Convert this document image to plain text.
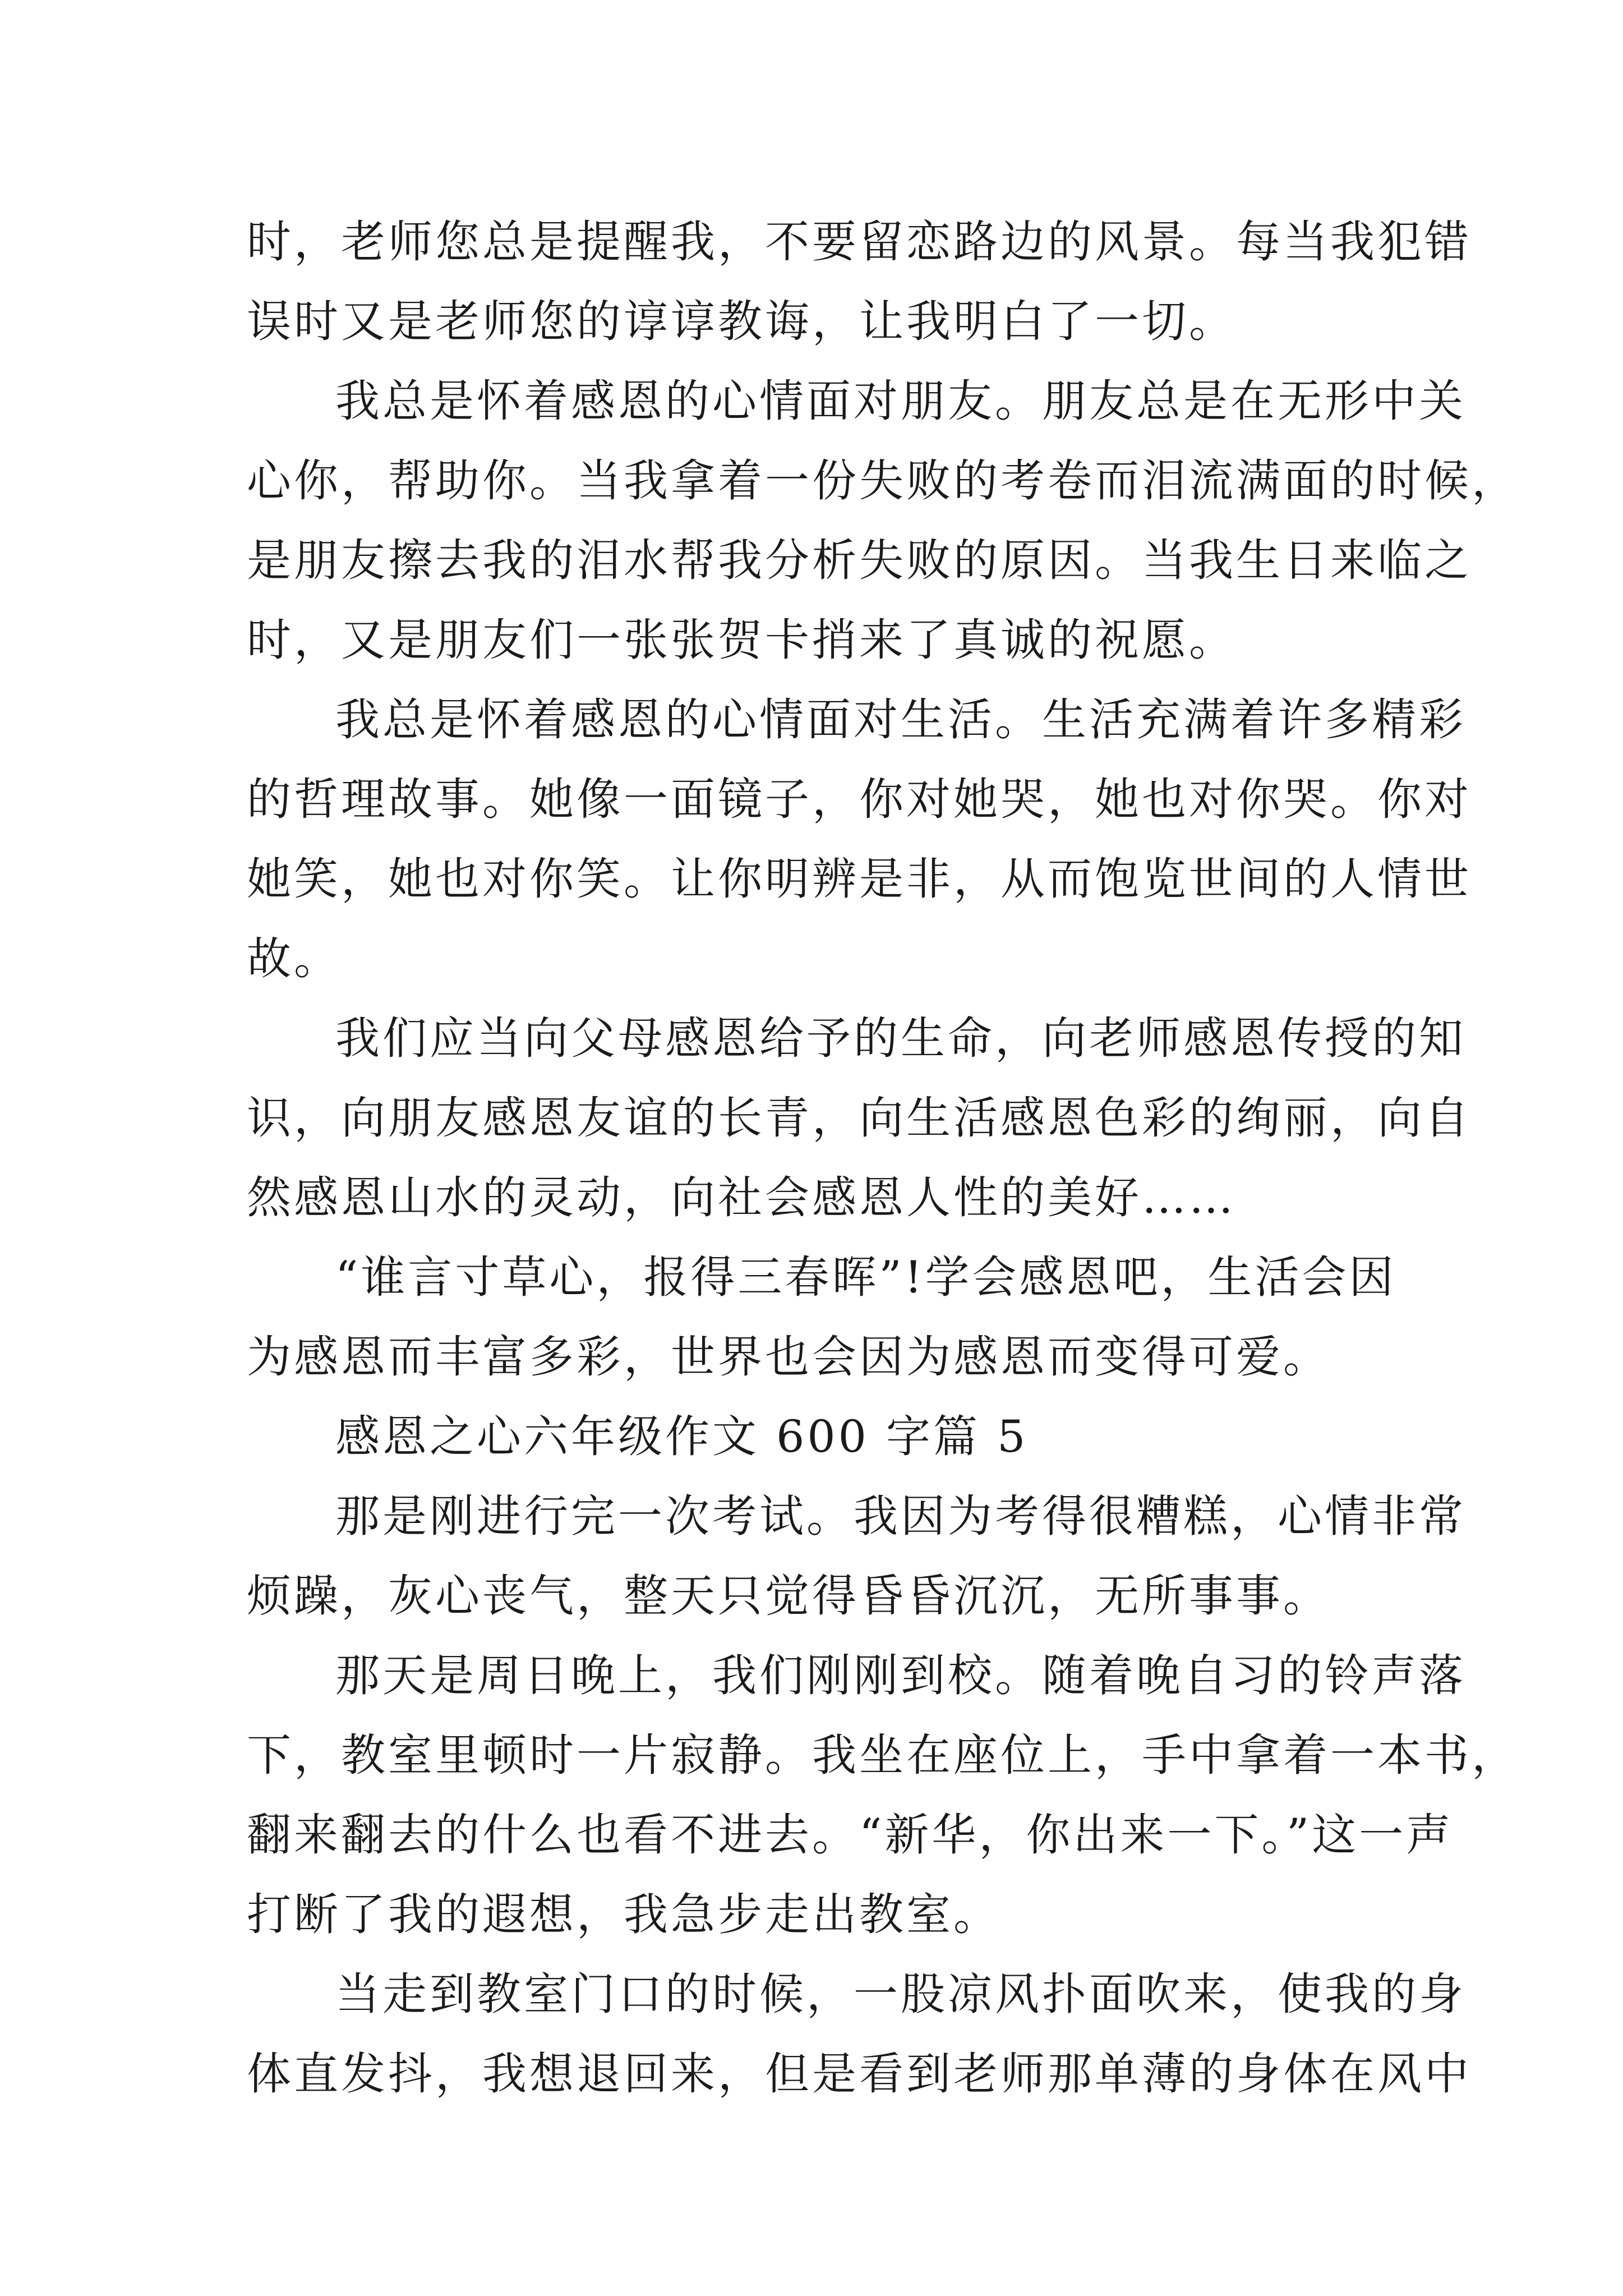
时，老师您总是提醒我，不要留恋路边的风景。每当我犯错
误时又是老师您的谆谆教诲，让我明白了一切。
我总是怀着感恩的心情面对朋友。朋友总是在无形中关
心你，帮助你。当我拿着一份失败的考卷而泪流满面的时候，
是朋友擦去我的泪水帮我分析失败的原因。当我生日来临之
时，又是朋友们一张张贺卡捎来了真诚的祝愿。
我总是怀着感恩的心情面对生活。生活充满着许多精彩
的哲理故事。她像一面镜子，你对她哭，她也对你哭。你对
她笑，她也对你笑。让你明辨是非，从而饱览世间的人情世
故。
我们应当向父母感恩给予的生命，向老师感恩传授的知
识，向朋友感恩友谊的长青，向生活感恩色彩的绚丽，向自
然感恩山水的灵动，向社会感恩人性的美好……
“谁言寸草心，报得三春晖”!学会感恩吧，生活会因
为感恩而丰富多彩，世界也会因为感恩而变得可爱。
感恩之心六年级作文 600 字篇 5
那是刚进行完一次考试。我因为考得很糟糕，心情非常
烦躁，灰心丧气，整天只觉得昏昏沉沉，无所事事。
那天是周日晚上，我们刚刚到校。随着晚自习的铃声落
下，教室里顿时一片寂静。我坐在座位上，手中拿着一本书，
翻来翻去的什么也看不进去。“新华，你出来一下。”这一声
打断了我的遐想，我急步走出教室。
当走到教室门口的时候，一股凉风扑面吹来，使我的身
体直发抖，我想退回来，但是看到老师那单薄的身体在风中
